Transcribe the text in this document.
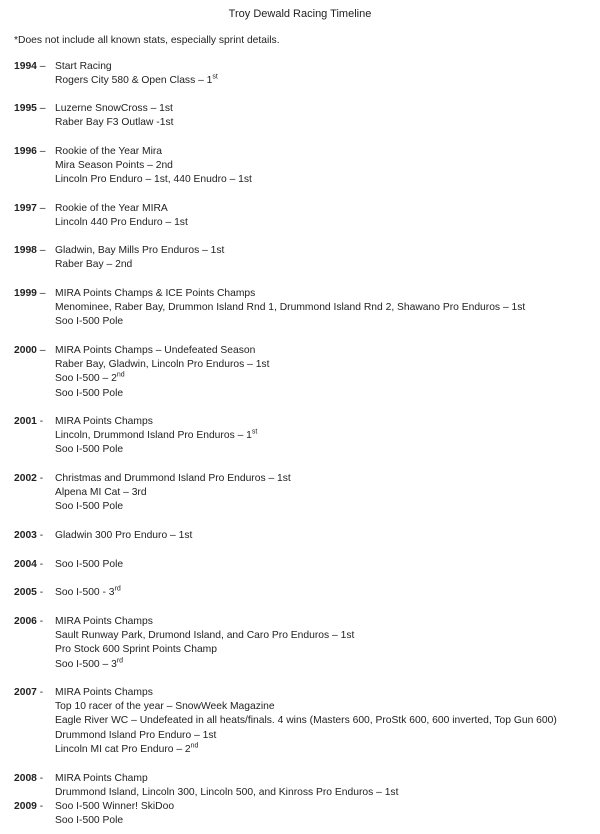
Troy Dewald Racing Timeline
*Does not include all known stats, especially sprint details.
1994 – Start Racing
Rogers City 580 & Open Class – 1st
1995 – Luzerne SnowCross – 1st
Raber Bay F3 Outlaw -1st
1996 – Rookie of the Year Mira
Mira Season Points – 2nd
Lincoln Pro Enduro – 1st, 440 Enudro – 1st
1997 – Rookie of the Year MIRA
Lincoln 440 Pro Enduro – 1st
1998 – Gladwin, Bay Mills Pro Enduros – 1st
Raber Bay – 2nd
1999 – MIRA Points Champs & ICE Points Champs
Menominee, Raber Bay, Drummon Island Rnd 1, Drummond Island Rnd 2, Shawano Pro Enduros – 1st
Soo I-500 Pole
2000 – MIRA Points Champs – Undefeated Season
Raber Bay, Gladwin, Lincoln Pro Enduros – 1st
Soo I-500 – 2nd
Soo I-500 Pole
2001 - MIRA Points Champs
Lincoln, Drummond Island Pro Enduros – 1st
Soo I-500 Pole
2002 - Christmas and Drummond Island Pro Enduros – 1st
Alpena MI Cat – 3rd
Soo I-500 Pole
2003 - Gladwin 300 Pro Enduro – 1st
2004 - Soo I-500 Pole
2005 - Soo I-500 - 3rd
2006 - MIRA Points Champs
Sault Runway Park, Drumond Island, and Caro Pro Enduros – 1st
Pro Stock 600 Sprint Points Champ
Soo I-500 – 3rd
2007 - MIRA Points Champs
Top 10 racer of the year – SnowWeek Magazine
Eagle River WC – Undefeated in all heats/finals. 4 wins (Masters 600, ProStk 600, 600 inverted, Top Gun 600)
Drummond Island Pro Enduro – 1st
Lincoln MI cat Pro Enduro – 2nd
2008 - MIRA Points Champ
Drummond Island, Lincoln 300, Lincoln 500, and Kinross Pro Enduros – 1st
2009 - Soo I-500 Winner! SkiDoo
Soo I-500 Pole
